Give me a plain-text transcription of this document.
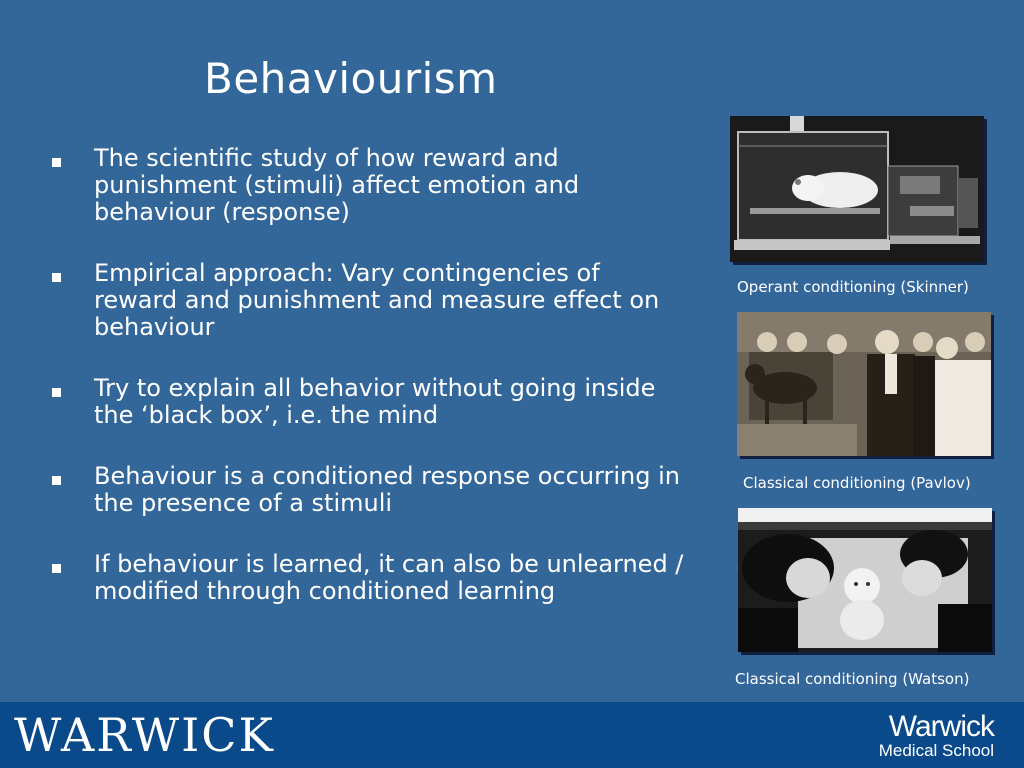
Behaviourism
The scientific study of how reward and punishment (stimuli) affect emotion and behaviour (response)
Empirical approach: Vary contingencies of reward and punishment and measure effect on behaviour
Try to explain all behavior without going inside the ‘black box’, i.e. the mind
Behaviour is a conditioned response occurring in the presence of a stimuli
If behaviour is learned, it can also be unlearned / modified through conditioned learning
Operant conditioning (Skinner)
Classical conditioning (Pavlov)
Classical conditioning (Watson)
WARWICK	Warwick
Medical School
